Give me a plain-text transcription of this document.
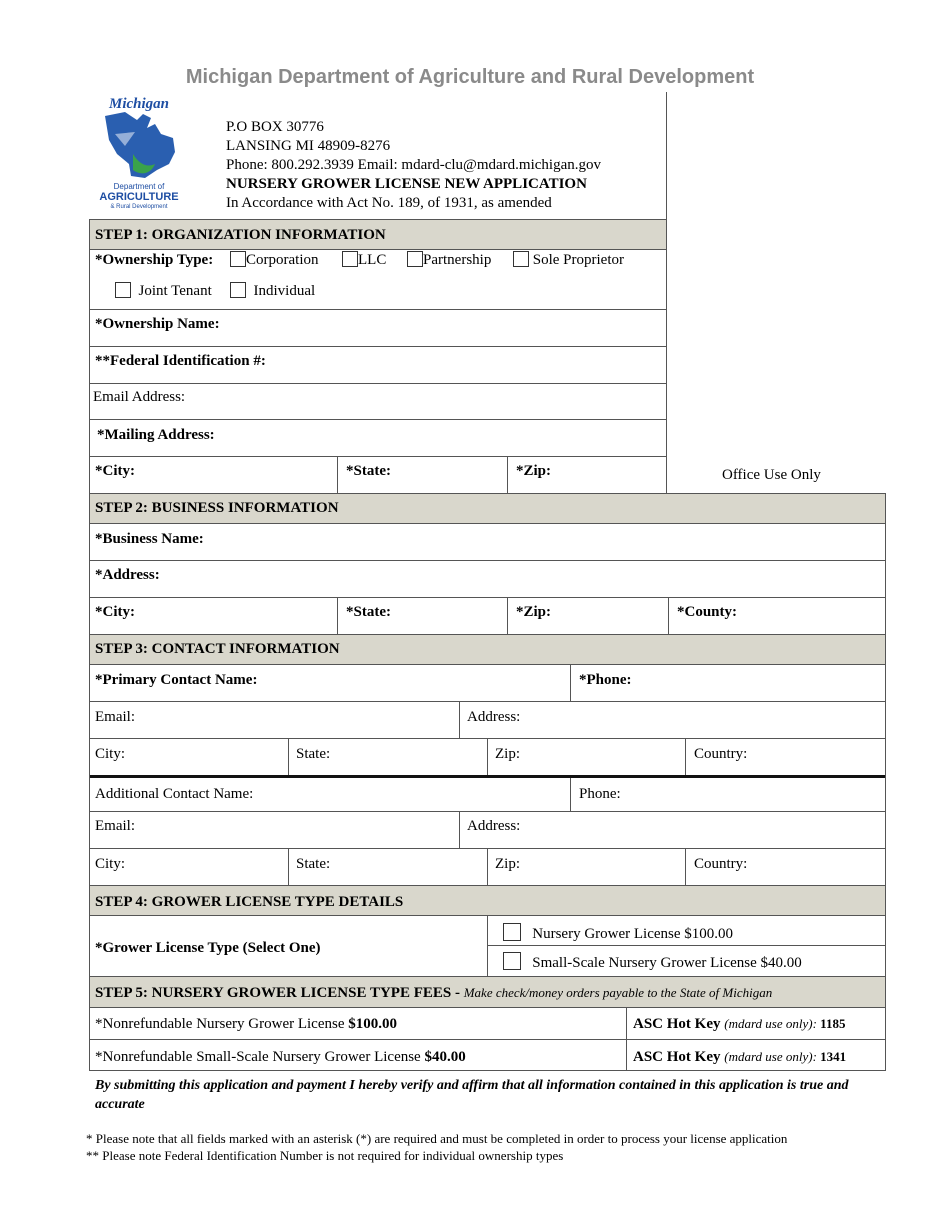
Michigan Department of Agriculture and Rural Development
Michigan
Department of
AGRICULTURE
& Rural Development
P.O BOX 30776
LANSING MI 48909-8276
Phone: 800.292.3939 Email: mdard-clu@mdard.michigan.gov
NURSERY GROWER LICENSE NEW APPLICATION
In Accordance with Act No. 189, of 1931, as amended
Office Use Only
STEP 1: ORGANIZATION INFORMATION
*Ownership Type:	Corporation	LLC	Partnership	Sole Proprietor
Joint Tenant	Individual
*Ownership Name:
**Federal Identification #:
Email Address:
*Mailing Address:
*City:	*State:	*Zip:
STEP 2: BUSINESS INFORMATION
*Business Name:
*Address:
*City:	*State:	*Zip:	*County:
STEP 3: CONTACT INFORMATION
*Primary Contact Name:	*Phone:
Email:	Address:
City:	State:	Zip:	Country:
Additional Contact Name:	Phone:
Email:	Address:
City:	State:	Zip:	Country:
STEP 4: GROWER LICENSE TYPE DETAILS
*Grower License Type (Select One)
Nursery Grower License $100.00
Small-Scale Nursery Grower License $40.00
STEP 5: NURSERY GROWER LICENSE TYPE FEES - Make check/money orders payable to the State of Michigan
*Nonrefundable Nursery Grower License $100.00	ASC Hot Key (mdard use only): 1185
*Nonrefundable Small-Scale Nursery Grower License $40.00	ASC Hot Key (mdard use only): 1341
By submitting this application and payment I hereby verify and affirm that all information contained in this application is true and accurate
* Please note that all fields marked with an asterisk (*) are required and must be completed in order to process your license application
** Please note Federal Identification Number is not required for individual ownership types
